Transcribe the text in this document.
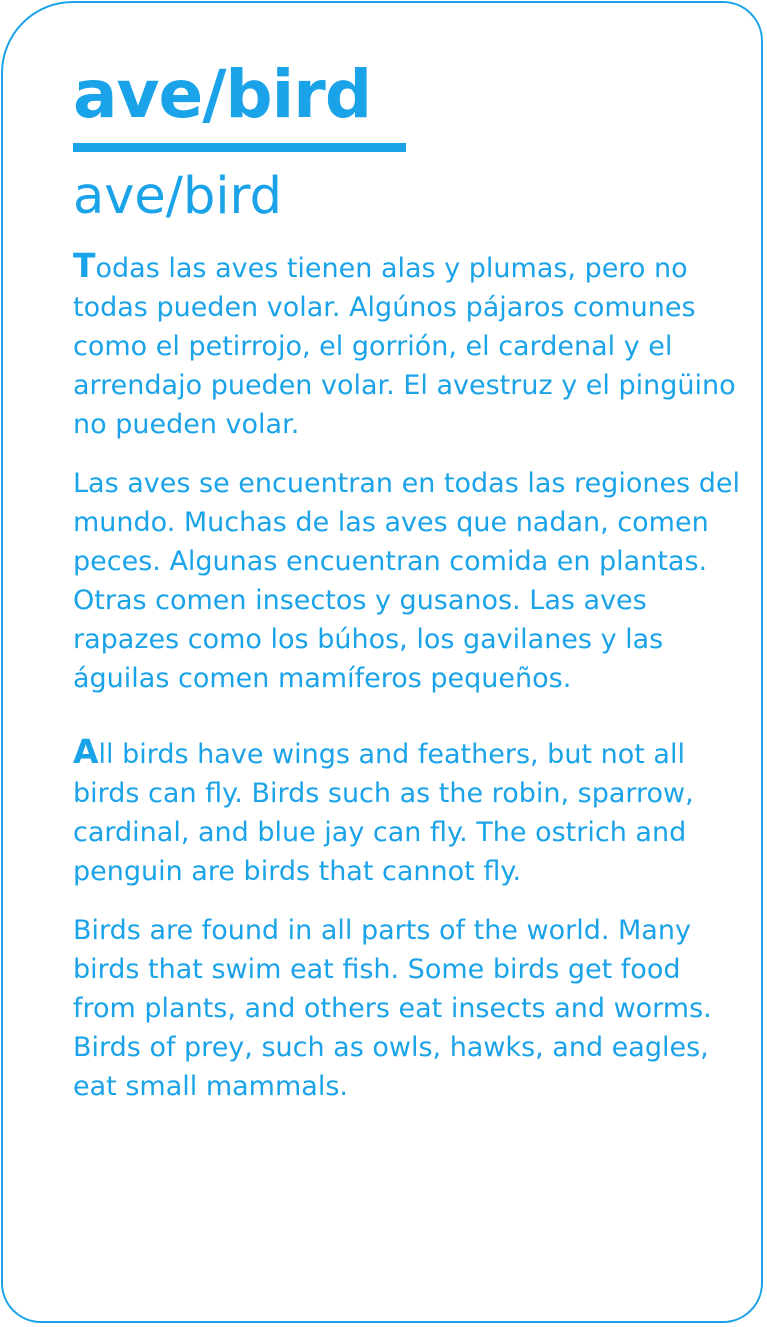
ave/bird
ave/bird

Todas las aves tienen alas y plumas, pero no todas pueden volar. Algúnos pájaros comunes como el petirrojo, el gorrión, el cardenal y el arrendajo pueden volar. El avestruz y el pingüino no pueden volar.

Las aves se encuentran en todas las regiones del mundo. Muchas de las aves que nadan, comen peces. Algunas encuentran comida en plantas. Otras comen insectos y gusanos. Las aves rapazes como los búhos, los gavilanes y las águilas comen mamíferos pequeños.

All birds have wings and feathers, but not all birds can fly. Birds such as the robin, sparrow, cardinal, and blue jay can fly. The ostrich and penguin are birds that cannot fly.

Birds are found in all parts of the world. Many birds that swim eat fish. Some birds get food from plants, and others eat insects and worms. Birds of prey, such as owls, hawks, and eagles, eat small mammals.
